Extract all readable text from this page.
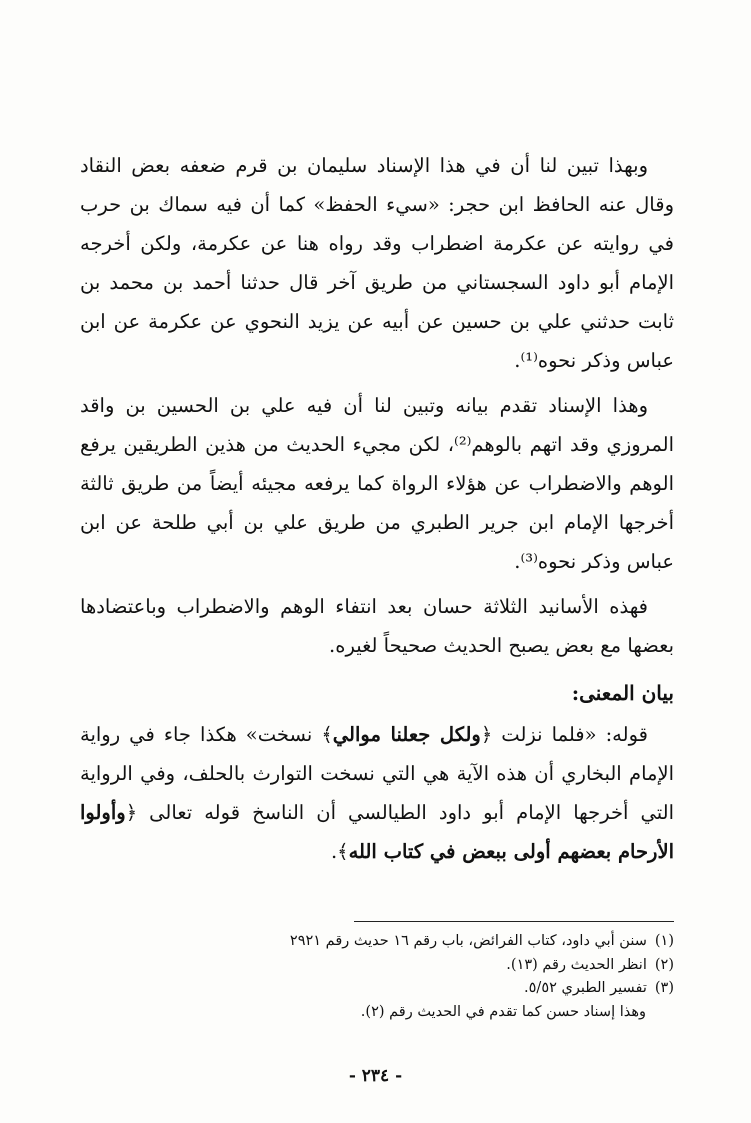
وبهذا تبين لنا أن في هذا الإسناد سليمان بن قرم ضعفه بعض النقاد وقال عنه الحافظ ابن حجر: «سيء الحفظ» كما أن فيه سماك بن حرب في روايته عن عكرمة اضطراب وقد رواه هنا عن عكرمة، ولكن أخرجه الإمام أبو داود السجستاني من طريق آخر قال حدثنا أحمد بن محمد بن ثابت حدثني علي بن حسين عن أبيه عن يزيد النحوي عن عكرمة عن ابن عباس وذكر نحوه⁽¹⁾.

وهذا الإسناد تقدم بيانه وتبين لنا أن فيه علي بن الحسين بن واقد المروزي وقد اتهم بالوهم⁽²⁾، لكن مجيء الحديث من هذين الطريقين يرفع الوهم والاضطراب عن هؤلاء الرواة كما يرفعه مجيئه أيضاً من طريق ثالثة أخرجها الإمام ابن جرير الطبري من طريق علي بن أبي طلحة عن ابن عباس وذكر نحوه⁽³⁾.

فهذه الأسانيد الثلاثة حسان بعد انتفاء الوهم والاضطراب وباعتضادها بعضها مع بعض يصبح الحديث صحيحاً لغيره.

بيان المعنى:

قوله: «فلما نزلت ﴿ولكل جعلنا موالي﴾ نسخت» هكذا جاء في رواية الإمام البخاري أن هذه الآية هي التي نسخت التوارث بالحلف، وفي الرواية التي أخرجها الإمام أبو داود الطيالسي أن الناسخ قوله تعالى ﴿وأولوا الأرحام بعضهم أولى ببعض في كتاب الله﴾.

(١)سنن أبي داود، كتاب الفرائض، باب رقم ١٦ حديث رقم ٢٩٢١

(٢)انظر الحديث رقم (١٣).

(٣)تفسير الطبري ٥/٥٢.

وهذا إسناد حسن كما تقدم في الحديث رقم (٢).

- ٢٣٤ -
